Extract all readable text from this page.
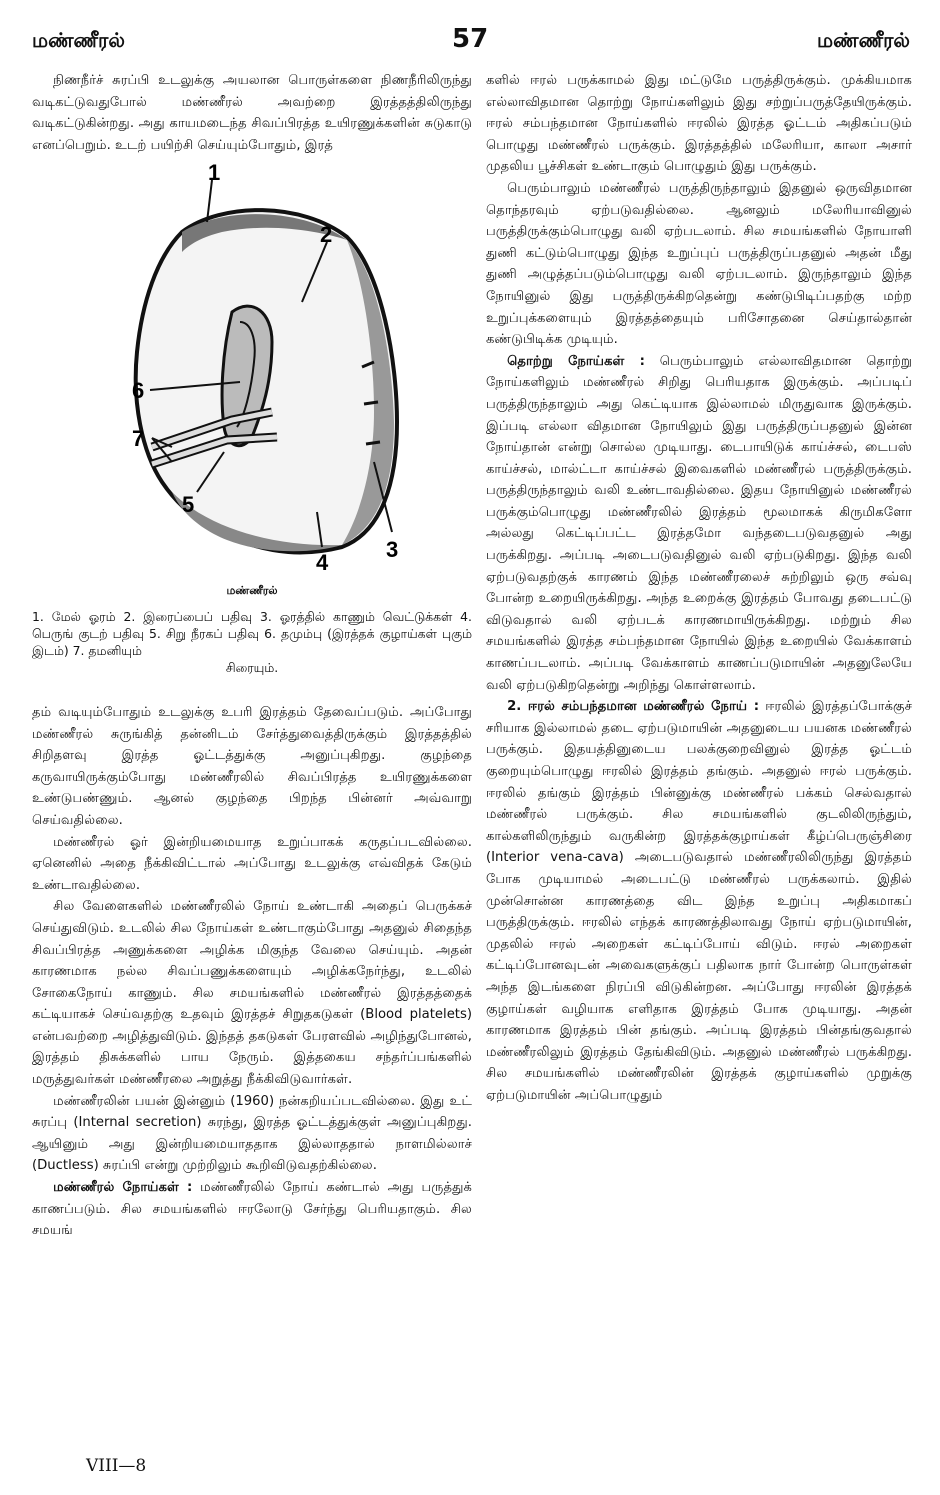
மண்ணீரல்	57	மண்ணீரல்

நிணநீர்ச் சுரப்பி உடலுக்கு அயலான பொருள்களை நிணநீரிலிருந்து வடிகட்டுவதுபோல் மண்ணீரல் அவற்றை இரத்தத்திலிருந்து வடிகட்டுகின்றது. அது காயமடைந்த சிவப்பிரத்த உயிரணுக்களின் சுடுகாடு எனப்பெறும். உடற் பயிற்சி செய்யும்போதும், இரத்

1
2
3
4
5
6
7
மண்ணீரல்
1. மேல் ஓரம் 2. இரைப்பைப் பதிவு 3. ஓரத்தில் காணும் வெட்டுக்கள் 4. பெருங் குடற் பதிவு 5. சிறு நீரகப் பதிவு 6. தமும்பு (இரத்தக் குழாய்கள் புகும் இடம்) 7. தமனியும்
சிரையும்.

தம் வடியும்போதும் உடலுக்கு உபரி இரத்தம் தேவைப்படும். அப்போது மண்ணீரல் சுருங்கித் தன்னிடம் சேர்த்துவைத்திருக்கும் இரத்தத்தில் சிறிதளவு இரத்த ஓட்டத்துக்கு அனுப்புகிறது. குழந்தை கருவாயிருக்கும்போது மண்ணீரலில் சிவப்பிரத்த உயிரணுக்களை உண்டுபண்ணும். ஆனல் குழந்தை பிறந்த பின்னர் அவ்வாறு செய்வதில்லை.

மண்ணீரல் ஓர் இன்றியமையாத உறுப்பாகக் கருதப்படவில்லை. ஏனெனில் அதை நீக்கிவிட்டால் அப்போது உடலுக்கு எவ்விதக் கேடும் உண்டாவதில்லை.

சில வேளைகளில் மண்ணீரலில் நோய் உண்டாகி அதைப் பெருக்கச் செய்துவிடும். உடலில் சில நோய்கள் உண்டாகும்போது அதனுல் சிதைந்த சிவப்பிரத்த அணுக்களை அழிக்க மிகுந்த வேலை செய்யும். அதன் காரணமாக நல்ல சிவப்பணுக்களையும் அழிக்கநேர்ந்து, உடலில் சோகைநோய் காணும். சில சமயங்களில் மண்ணீரல் இரத்தத்தைக் கட்டியாகச் செய்வதற்கு உதவும் இரத்தச் சிறுதகடுகள் (Blood platelets) என்பவற்றை அழித்துவிடும். இந்தத் தகடுகள் பேரளவில் அழிந்துபோனல், இரத்தம் திசுக்களில் பாய நேரும். இத்தகைய சந்தர்ப்பங்களில் மருத்துவர்கள் மண்ணீரலை அறுத்து நீக்கிவிடுவார்கள்.

மண்ணீரலின் பயன் இன்னும் (1960) நன்கறியப்படவில்லை. இது உட் சுரப்பு (Internal secretion) சுரந்து, இரத்த ஓட்டத்துக்குள் அனுப்புகிறது. ஆயினும் அது இன்றியமையாததாக இல்லாததால் நாளமில்லாச் (Ductless) சுரப்பி என்று முற்றிலும் கூறிவிடுவதற்கில்லை.

மண்ணீரல் நோய்கள் : மண்ணீரலில் நோய் கண்டால் அது பருத்துக் காணப்படும். சில சமயங்களில் ஈரலோடு சேர்ந்து பெரியதாகும். சில சமயங்

களில் ஈரல் பருக்காமல் இது மட்டுமே பருத்திருக்கும். முக்கியமாக எல்லாவிதமான தொற்று நோய்களிலும் இது சற்றுப்பருத்தேயிருக்கும். ஈரல் சம்பந்தமான நோய்களில் ஈரலில் இரத்த ஓட்டம் அதிகப்படும் பொழுது மண்ணீரல் பருக்கும். இரத்தத்தில் மலேரியா, காலா அசார் முதலிய பூச்சிகள் உண்டாகும் பொழுதும் இது பருக்கும்.

பெரும்பாலும் மண்ணீரல் பருத்திருந்தாலும் இதனுல் ஒருவிதமான தொந்தரவும் ஏற்படுவதில்லை. ஆனலும் மலேரியாவினுல் பருத்திருக்கும்பொழுது வலி ஏற்படலாம். சில சமயங்களில் நோயாளி துணி கட்டும்பொழுது இந்த உறுப்புப் பருத்திருப்பதனுல் அதன் மீது துணி அழுத்தப்படும்பொழுது வலி ஏற்படலாம். இருந்தாலும் இந்த நோயினுல் இது பருத்திருக்கிறதென்று கண்டுபிடிப்பதற்கு மற்ற உறுப்புக்களையும் இரத்தத்தையும் பரிசோதனை செய்தால்தான் கண்டுபிடிக்க முடியும்.

தொற்று நோய்கள் : பெரும்பாலும் எல்லாவிதமான தொற்று நோய்களிலும் மண்ணீரல் சிறிது பெரியதாக இருக்கும். அப்படிப் பருத்திருந்தாலும் அது கெட்டியாக இல்லாமல் மிருதுவாக இருக்கும். இப்படி எல்லா விதமான நோயிலும் இது பருத்திருப்பதனுல் இன்ன நோய்தான் என்று சொல்ல முடியாது. டைபாயிடுக் காய்ச்சல், டைபஸ் காய்ச்சல், மால்ட்டா காய்ச்சல் இவைகளில் மண்ணீரல் பருத்திருக்கும். பருத்திருந்தாலும் வலி உண்டாவதில்லை. இதய நோயினுல் மண்ணீரல் பருக்கும்பொழுது மண்ணீரலில் இரத்தம் மூலமாகக் கிருமிகளோ அல்லது கெட்டிப்பட்ட இரத்தமோ வந்தடைபடுவதனுல் அது பருக்கிறது. அப்படி அடைபடுவதினுல் வலி ஏற்படுகிறது. இந்த வலி ஏற்படுவதற்குக் காரணம் இந்த மண்ணீரலைச் சுற்றிலும் ஒரு சவ்வு போன்ற உறையிருக்கிறது. அந்த உறைக்கு இரத்தம் போவது தடைபட்டு விடுவதால் வலி ஏற்படக் காரணமாயிருக்கிறது. மற்றும் சில சமயங்களில் இரத்த சம்பந்தமான நோயில் இந்த உறையில் வேக்காளம் காணப்படலாம். அப்படி வேக்காளம் காணப்படுமாயின் அதனுலேயே வலி ஏற்படுகிறதென்று அறிந்து கொள்ளலாம்.

2. ஈரல் சம்பந்தமான மண்ணீரல் நோய் : ஈரலில் இரத்தப்போக்குச் சரியாக இல்லாமல் தடை ஏற்படுமாயின் அதனுடைய பயனக மண்ணீரல் பருக்கும். இதயத்தினுடைய பலக்குறைவினுல் இரத்த ஓட்டம் குறையும்பொழுது ஈரலில் இரத்தம் தங்கும். அதனுல் ஈரல் பருக்கும். ஈரலில் தங்கும் இரத்தம் பின்னுக்கு மண்ணீரல் பக்கம் செல்வதால் மண்ணீரல் பருக்கும். சில சமயங்களில் குடலிலிருந்தும், கால்களிலிருந்தும் வருகின்ற இரத்தக்குழாய்கள் கீழ்ப்பெருஞ்சிரை (Interior vena-cava) அடைபடுவதால் மண்ணீரலிலிருந்து இரத்தம் போக முடியாமல் அடைபட்டு மண்ணீரல் பருக்கலாம். இதில் முன்சொன்ன காரணத்தை விட இந்த உறுப்பு அதிகமாகப் பருத்திருக்கும். ஈரலில் எந்தக் காரணத்திலாவது நோய் ஏற்படுமாயின், முதலில் ஈரல் அறைகள் கட்டிப்போய் விடும். ஈரல் அறைகள் கட்டிப்போனவுடன் அவைகளுக்குப் பதிலாக நார் போன்ற பொருள்கள் அந்த இடங்களை நிரப்பி விடுகின்றன. அப்போது ஈரலின் இரத்தக் குழாய்கள் வழியாக எளிதாக இரத்தம் போக முடியாது. அதன் காரணமாக இரத்தம் பின் தங்கும். அப்படி இரத்தம் பின்தங்குவதால் மண்ணீரலிலும் இரத்தம் தேங்கிவிடும். அதனுல் மண்ணீரல் பருக்கிறது. சில சமயங்களில் மண்ணீரலின் இரத்தக் குழாய்களில் முறுக்கு ஏற்படுமாயின் அப்பொழுதும்

VIII—8
